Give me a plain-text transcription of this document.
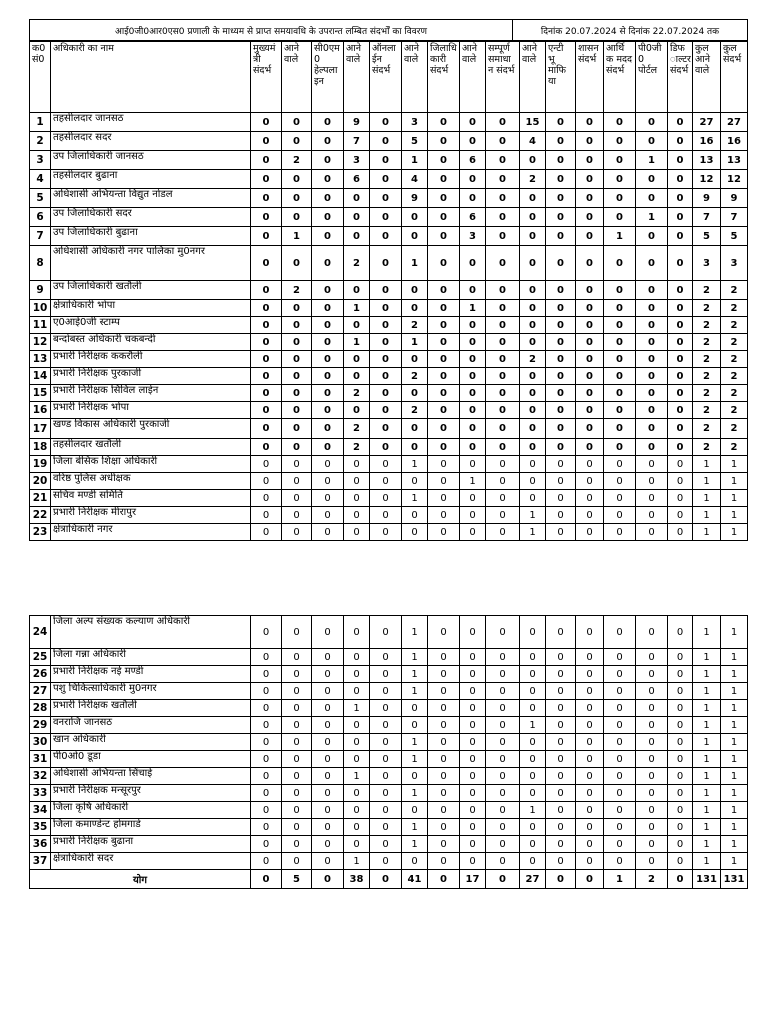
आई0जी0आर0एस0 प्रणाली के माध्यम से प्राप्त समयावधि के उपरान्त लम्बित संदर्भों का विवरण	दिनांक 20.07.2024 से दिनांक 22.07.2024 तक
क0 सं0	अधिकारी का नाम	मुख्यमं त्री संदर्भ	आने वाले	सी0एम 0 हेल्पला इन	आने वाले	ऑनला ईन संदर्भ	आने वाले	जिलाधि कारी संदर्भ	आने वाले	सम्पूर्ण समाधा न संदर्भ	आने वाले	एन्टी भू माफि या	शासन संदर्भ	आर्थि क मदद संदर्भ	पी0जी 0 पोर्टल	डिफ ाल्टर संदर्भ	कुल आने वाले	कुल संदर्भ
1	तहसीलदार जानसठ	0	0	0	9	0	3	0	0	0	15	0	0	0	0	0	27	27
2	तहसीलदार सदर	0	0	0	7	0	5	0	0	0	4	0	0	0	0	0	16	16
3	उप जिलाधिकारी जानसठ	0	2	0	3	0	1	0	6	0	0	0	0	0	1	0	13	13
4	तहसीलदार बुढाना	0	0	0	6	0	4	0	0	0	2	0	0	0	0	0	12	12
5	अधिशासी अभियन्ता विद्युत नोडल	0	0	0	0	0	9	0	0	0	0	0	0	0	0	0	9	9
6	उप जिलाधिकारी सदर	0	0	0	0	0	0	0	6	0	0	0	0	0	1	0	7	7
7	उप जिलाधिकारी बुढाना	0	1	0	0	0	0	0	3	0	0	0	0	1	0	0	5	5
8	अधिशासी अधिकारी नगर पालिका मु0नगर	0	0	0	2	0	1	0	0	0	0	0	0	0	0	0	3	3
9	उप जिलाधिकारी खतौली	0	2	0	0	0	0	0	0	0	0	0	0	0	0	0	2	2
10	क्षेत्राधिकारी भोपा	0	0	0	1	0	0	0	1	0	0	0	0	0	0	0	2	2
11	ए0आई0जी स्टाम्प	0	0	0	0	0	2	0	0	0	0	0	0	0	0	0	2	2
12	बन्दोबस्त अधिकारी चकबन्दी	0	0	0	1	0	1	0	0	0	0	0	0	0	0	0	2	2
13	प्रभारी निरीक्षक ककरौली	0	0	0	0	0	0	0	0	0	2	0	0	0	0	0	2	2
14	प्रभारी निरीक्षक पुरकाजी	0	0	0	0	0	2	0	0	0	0	0	0	0	0	0	2	2
15	प्रभारी निरीक्षक सिविल लाईन	0	0	0	2	0	0	0	0	0	0	0	0	0	0	0	2	2
16	प्रभारी निरीक्षक भोपा	0	0	0	0	0	2	0	0	0	0	0	0	0	0	0	2	2
17	खण्ड विकास अधिकारी पुरकाजी	0	0	0	2	0	0	0	0	0	0	0	0	0	0	0	2	2
18	तहसीलदार खतौली	0	0	0	2	0	0	0	0	0	0	0	0	0	0	0	2	2
19	जिला बेसिक शिक्षा अधिकारी	0	0	0	0	0	1	0	0	0	0	0	0	0	0	0	1	1
20	वरिष्ठ पुलिस अधीक्षक	0	0	0	0	0	0	0	1	0	0	0	0	0	0	0	1	1
21	सचिव मण्डी समिति	0	0	0	0	0	1	0	0	0	0	0	0	0	0	0	1	1
22	प्रभारी निरीक्षक मीरापुर	0	0	0	0	0	0	0	0	0	1	0	0	0	0	0	1	1
23	क्षेत्राधिकारी नगर	0	0	0	0	0	0	0	0	0	1	0	0	0	0	0	1	1
24	जिला अल्प संख्यक कल्याण अधिकारी	0	0	0	0	0	1	0	0	0	0	0	0	0	0	0	1	1
25	जिला गन्ना अधिकारी	0	0	0	0	0	1	0	0	0	0	0	0	0	0	0	1	1
26	प्रभारी निरीक्षक नई मण्डी	0	0	0	0	0	1	0	0	0	0	0	0	0	0	0	1	1
27	पशु चिकित्साधिकारी मु0नगर	0	0	0	0	0	1	0	0	0	0	0	0	0	0	0	1	1
28	प्रभारी निरीक्षक खतौली	0	0	0	1	0	0	0	0	0	0	0	0	0	0	0	1	1
29	वनराजि जानसठ	0	0	0	0	0	0	0	0	0	1	0	0	0	0	0	1	1
30	खान अधिकारी	0	0	0	0	0	1	0	0	0	0	0	0	0	0	0	1	1
31	पी0ओ0 डूडा	0	0	0	0	0	1	0	0	0	0	0	0	0	0	0	1	1
32	अधिशासी अभियन्ता सिंचाई	0	0	0	1	0	0	0	0	0	0	0	0	0	0	0	1	1
33	प्रभारी निरीक्षक मन्सूरपुर	0	0	0	0	0	1	0	0	0	0	0	0	0	0	0	1	1
34	जिला कृषि अधिकारी	0	0	0	0	0	0	0	0	0	1	0	0	0	0	0	1	1
35	जिला कमाण्डेन्ट होमगार्ड	0	0	0	0	0	1	0	0	0	0	0	0	0	0	0	1	1
36	प्रभारी निरीक्षक बुढाना	0	0	0	0	0	1	0	0	0	0	0	0	0	0	0	1	1
37	क्षेत्राधिकारी सदर	0	0	0	1	0	0	0	0	0	0	0	0	0	0	0	1	1
योग		0	5	0	38	0	41	0	17	0	27	0	0	1	2	0	131	131
